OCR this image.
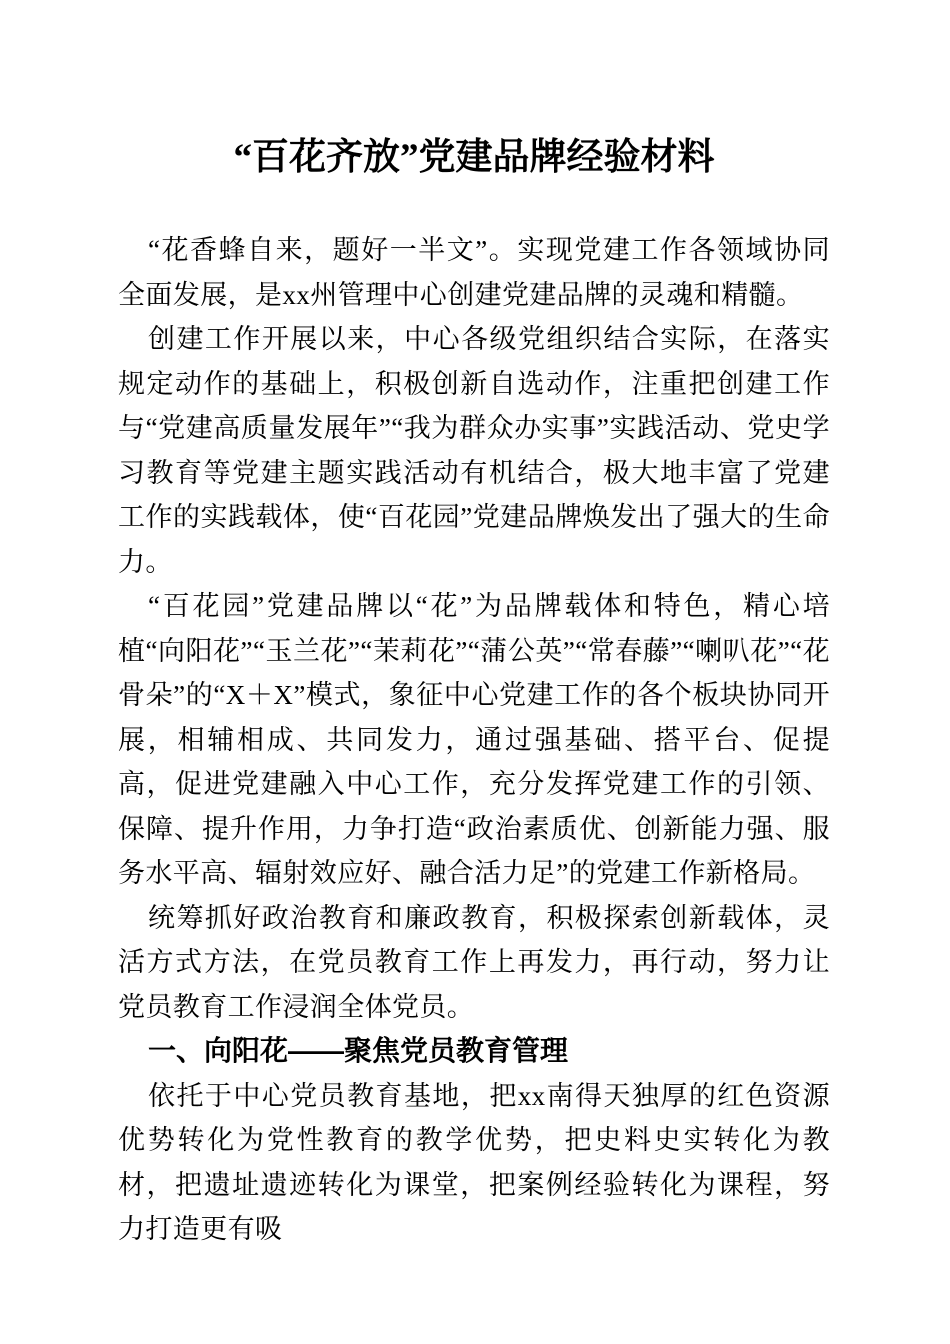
“百花齐放”党建品牌经验材料

“花香蜂自来，题好一半文”。实现党建工作各领域协同全面发展，是xx州管理中心创建党建品牌的灵魂和精髓。

创建工作开展以来，中心各级党组织结合实际，在落实规定动作的基础上，积极创新自选动作，注重把创建工作与“党建高质量发展年”“我为群众办实事”实践活动、党史学习教育等党建主题实践活动有机结合，极大地丰富了党建工作的实践载体，使“百花园”党建品牌焕发出了强大的生命力。

“百花园”党建品牌以“花”为品牌载体和特色，精心培植“向阳花”“玉兰花”“茉莉花”“蒲公英”“常春藤”“喇叭花”“花骨朵”的“X＋X”模式，象征中心党建工作的各个板块协同开展，相辅相成、共同发力，通过强基础、搭平台、促提高，促进党建融入中心工作，充分发挥党建工作的引领、保障、提升作用，力争打造“政治素质优、创新能力强、服务水平高、辐射效应好、融合活力足”的党建工作新格局。

统筹抓好政治教育和廉政教育，积极探索创新载体，灵活方式方法，在党员教育工作上再发力，再行动，努力让党员教育工作浸润全体党员。

一、向阳花——聚焦党员教育管理

依托于中心党员教育基地，把xx南得天独厚的红色资源优势转化为党性教育的教学优势，把史料史实转化为教材，把遗址遗迹转化为课堂，把案例经验转化为课程，努力打造更有吸
